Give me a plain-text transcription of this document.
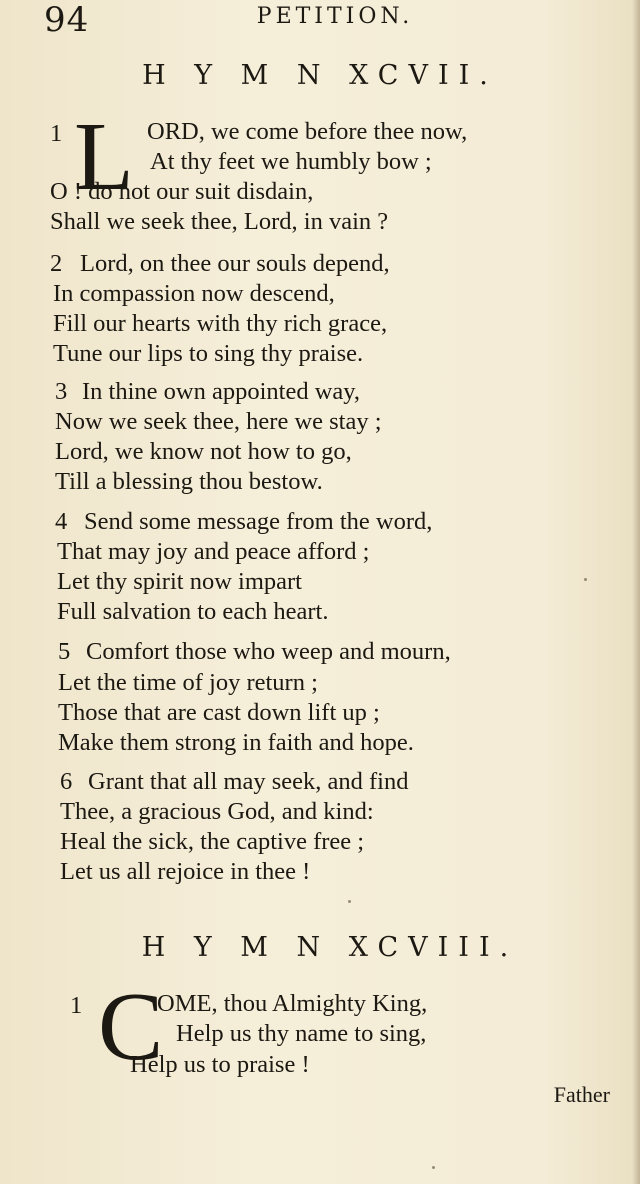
94	PETITION.
H Y M N XCVII.
1 L ORD, we come before thee now,
At thy feet we humbly bow ;
O ! do not our suit disdain,
Shall we seek thee, Lord, in vain ?
2 Lord, on thee our souls depend,
In compassion now descend,
Fill our hearts with thy rich grace,
Tune our lips to sing thy praise.
3 In thine own appointed way,
Now we seek thee, here we stay ;
Lord, we know not how to go,
Till a blessing thou bestow.
4 Send some message from the word,
That may joy and peace afford ;
Let thy spirit now impart
Full salvation to each heart.
5 Comfort those who weep and mourn,
Let the time of joy return ;
Those that are cast down lift up ;
Make them strong in faith and hope.
6 Grant that all may seek, and find
Thee, a gracious God, and kind:
Heal the sick, the captive free ;
Let us all rejoice in thee !
H Y M N XCVIII.
1 C
OME, thou Almighty King,
Help us thy name to sing,
Help us to praise !
Father
